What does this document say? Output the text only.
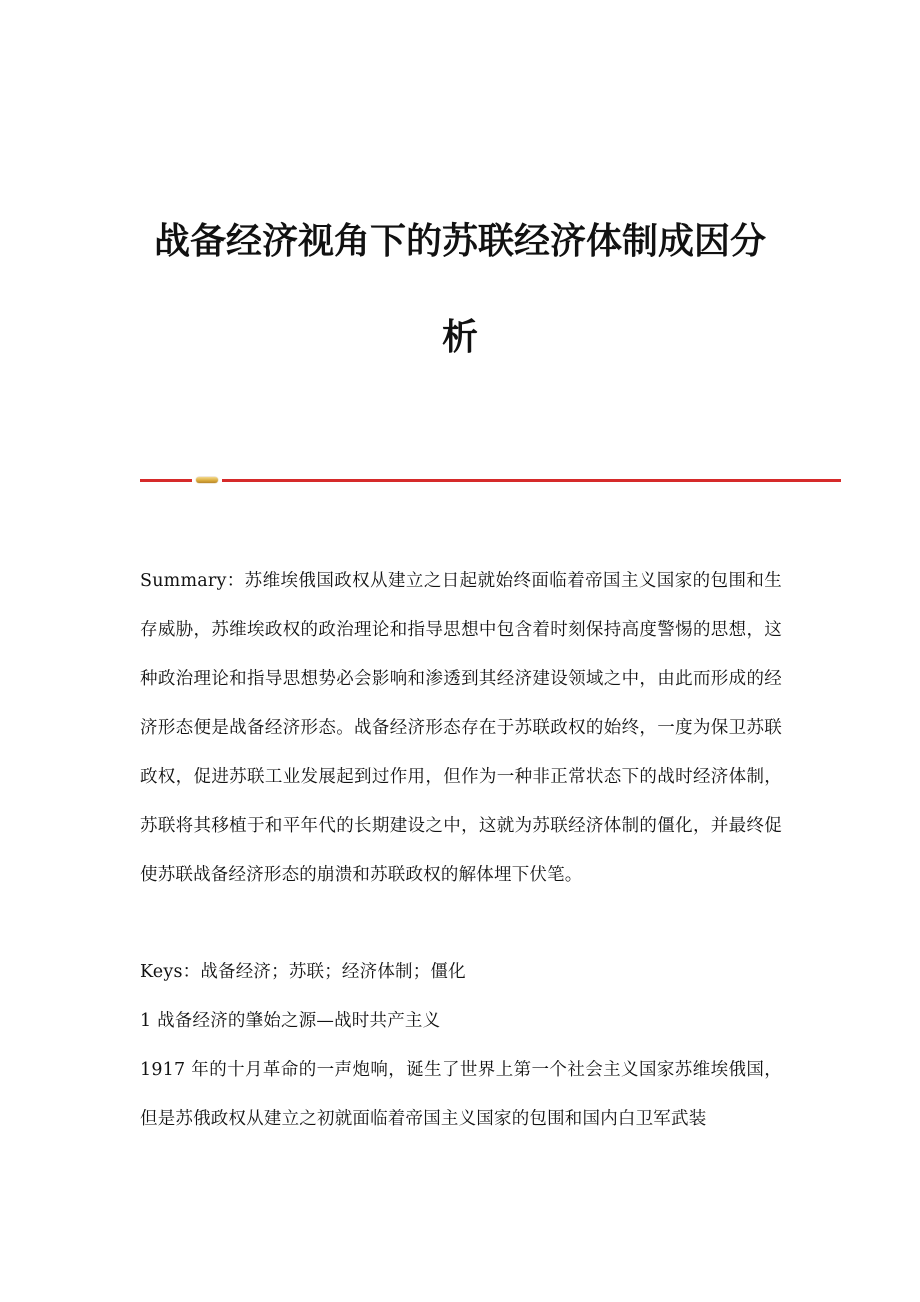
战备经济视角下的苏联经济体制成因分
析

Summary：苏维埃俄国政权从建立之日起就始终面临着帝国主义国家的包围和生存威胁，苏维埃政权的政治理论和指导思想中包含着时刻保持高度警惕的思想，这种政治理论和指导思想势必会影响和渗透到其经济建设领域之中，由此而形成的经济形态便是战备经济形态。战备经济形态存在于苏联政权的始终，一度为保卫苏联政权，促进苏联工业发展起到过作用，但作为一种非正常状态下的战时经济体制，苏联将其移植于和平年代的长期建设之中，这就为苏联经济体制的僵化，并最终促使苏联战备经济形态的崩溃和苏联政权的解体埋下伏笔。

Keys：战备经济；苏联；经济体制；僵化

1 战备经济的肇始之源—战时共产主义

1917 年的十月革命的一声炮响，诞生了世界上第一个社会主义国家苏维埃俄国，但是苏俄政权从建立之初就面临着帝国主义国家的包围和国内白卫军武装
